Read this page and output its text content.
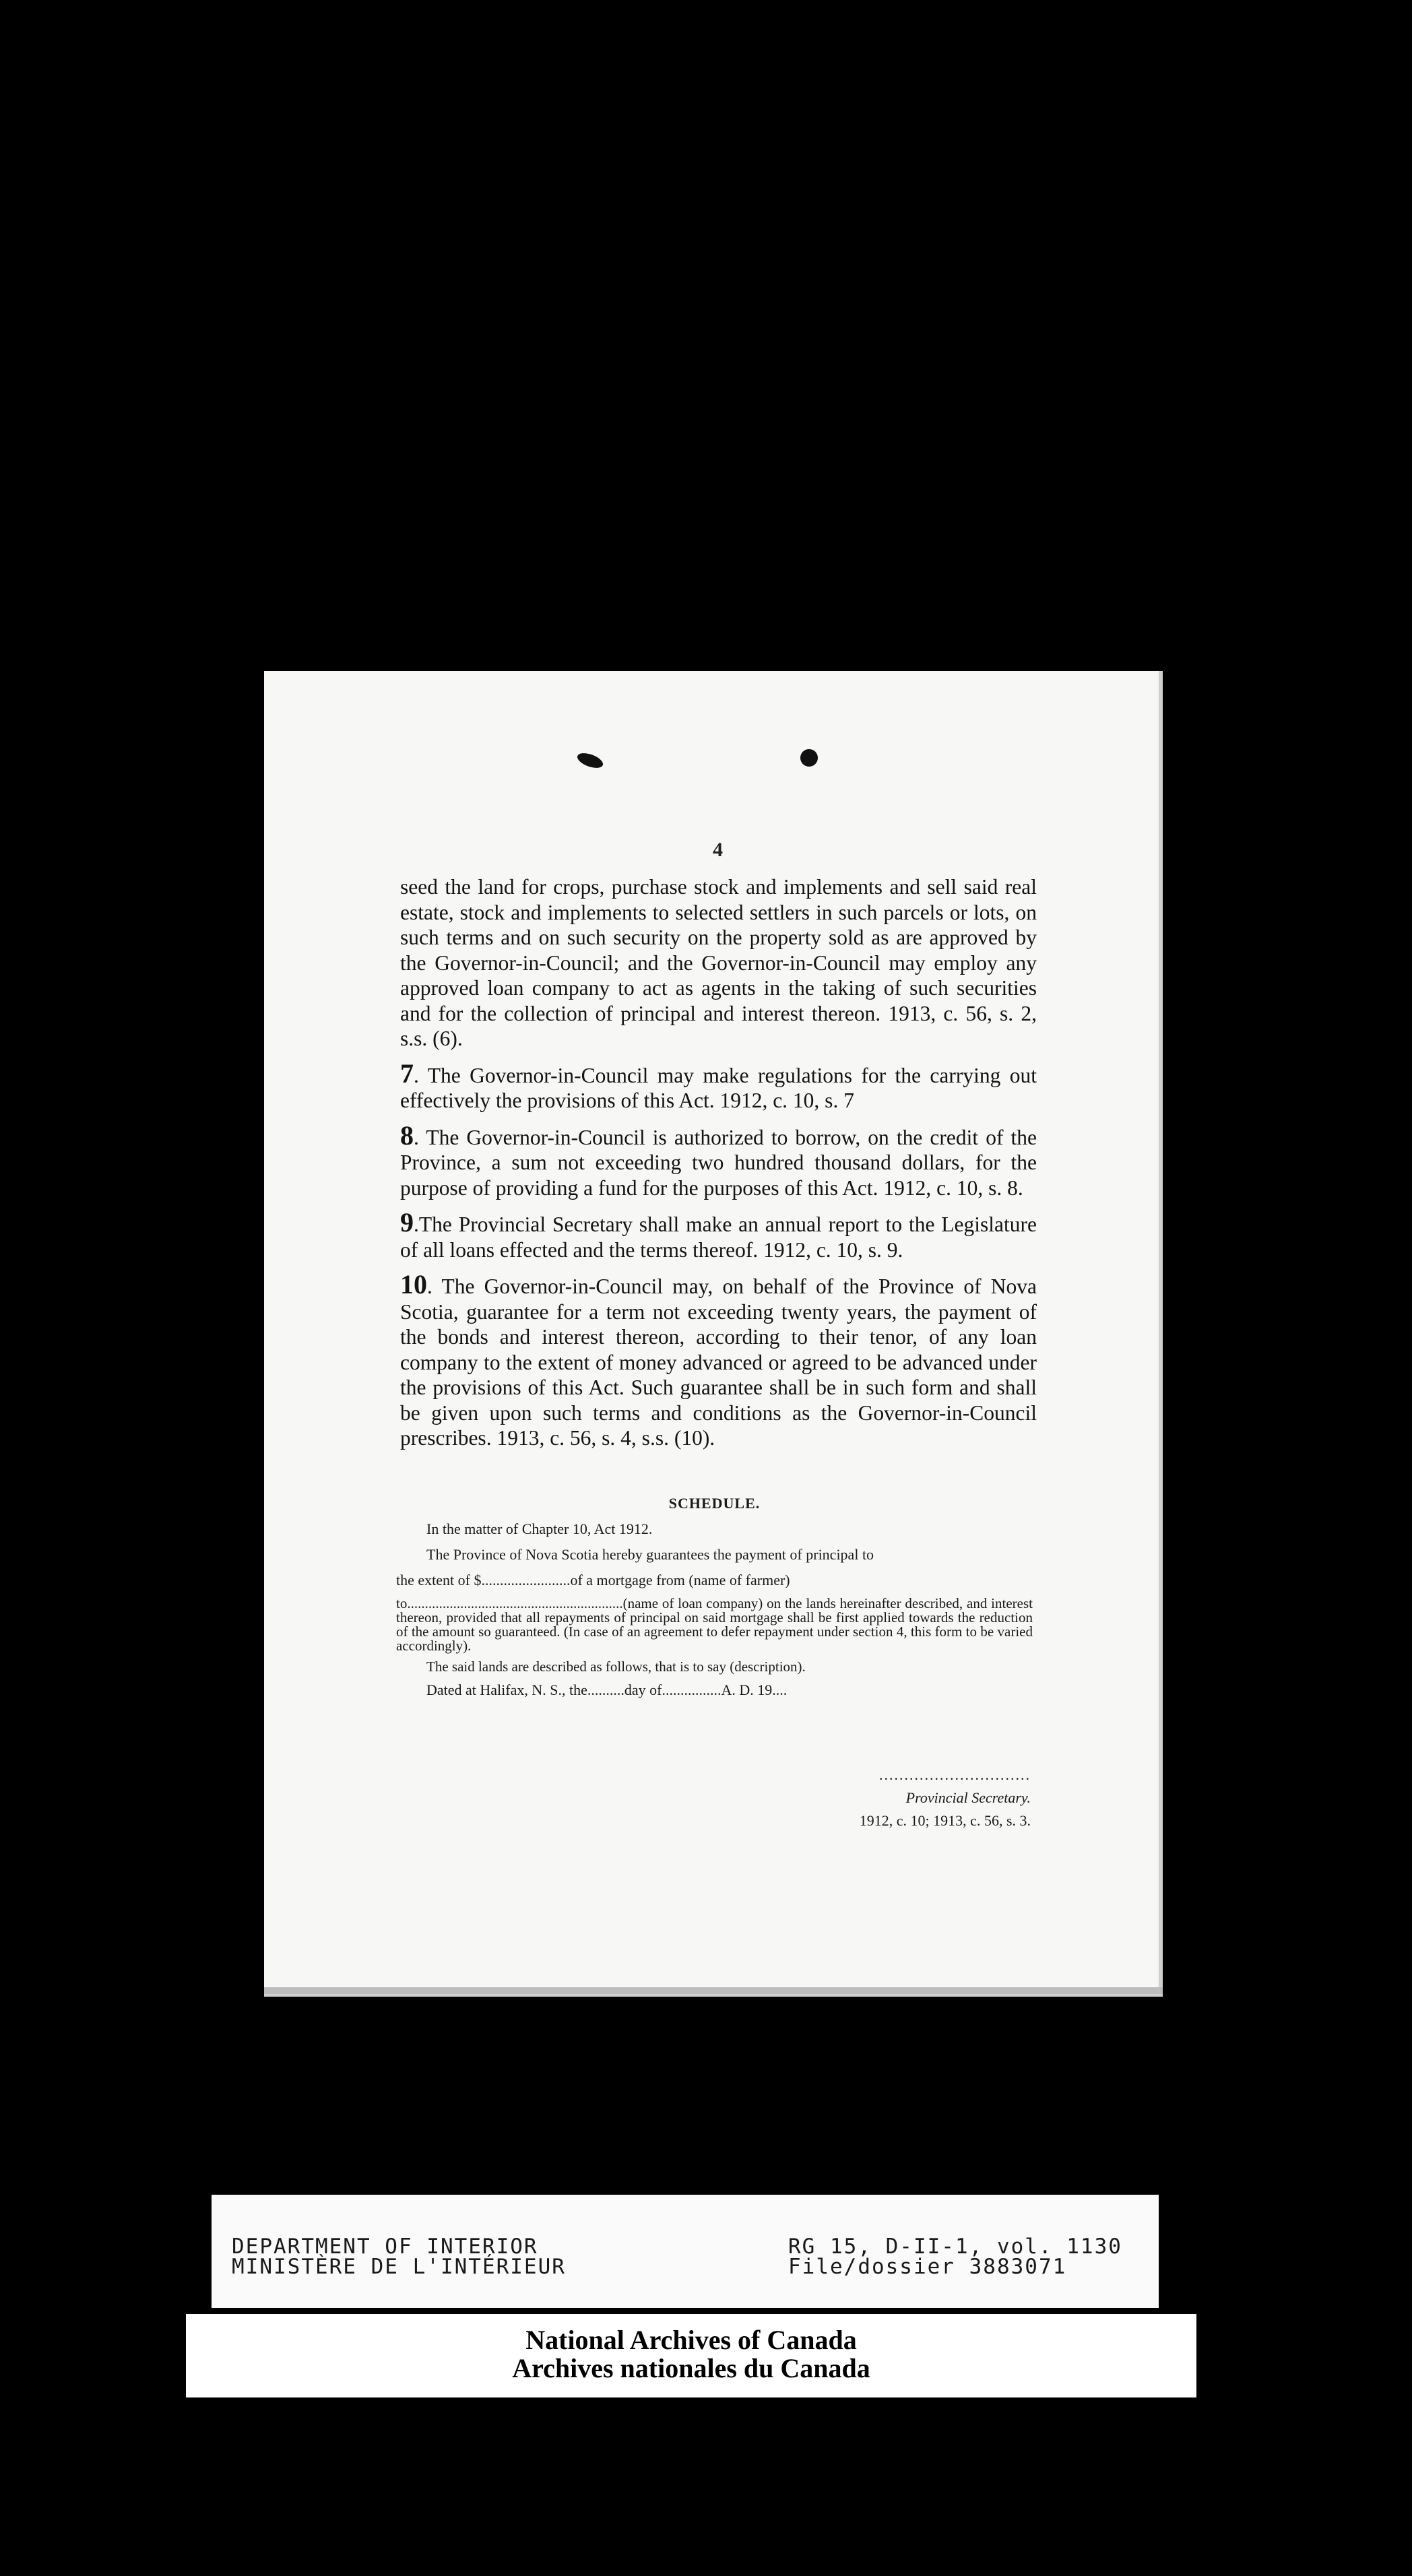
4

seed the land for crops, purchase stock and implements and sell said real estate, stock and implements to selected settlers in such parcels or lots, on such terms and on such security on the property sold as are approved by the Governor-in-Council; and the Governor-in-Council may employ any approved loan company to act as agents in the taking of such securities and for the collection of principal and interest thereon. 1913, c. 56, s. 2, s.s. (6).

7. The Governor-in-Council may make regulations for the carrying out effectively the provisions of this Act. 1912, c. 10, s. 7

8. The Governor-in-Council is authorized to borrow, on the credit of the Province, a sum not exceeding two hundred thousand dollars, for the purpose of providing a fund for the purposes of this Act. 1912, c. 10, s. 8.

9.The Provincial Secretary shall make an annual report to the Legislature of all loans effected and the terms thereof. 1912, c. 10, s. 9.

10. The Governor-in-Council may, on behalf of the Province of Nova Scotia, guarantee for a term not exceeding twenty years, the payment of the bonds and interest thereon, according to their tenor, of any loan company to the extent of money advanced or agreed to be advanced under the provisions of this Act. Such guarantee shall be in such form and shall be given upon such terms and conditions as the Governor-in-Council prescribes. 1913, c. 56, s. 4, s.s. (10).

SCHEDULE.

In the matter of Chapter 10, Act 1912.

The Province of Nova Scotia hereby guarantees the payment of principal to

the extent of $........................of a mortgage from (name of farmer)

to.............................................................(name of loan company) on the lands hereinafter described, and interest thereon, provided that all repayments of principal on said mortgage shall be first applied towards the reduction of the amount so guaranteed. (In case of an agreement to defer repayment under section 4, this form to be varied accordingly).

The said lands are described as follows, that is to say (description).

Dated at Halifax, N. S., the..........day of................A. D. 19....

..............................
Provincial Secretary.
1912, c. 10; 1913, c. 56, s. 3.
DEPARTMENT OF INTERIOR
MINISTÈRE DE L'INTÉRIEUR
RG 15, D-II-1, vol. 1130
File/dossier 3883071
National Archives of Canada
Archives nationales du Canada
